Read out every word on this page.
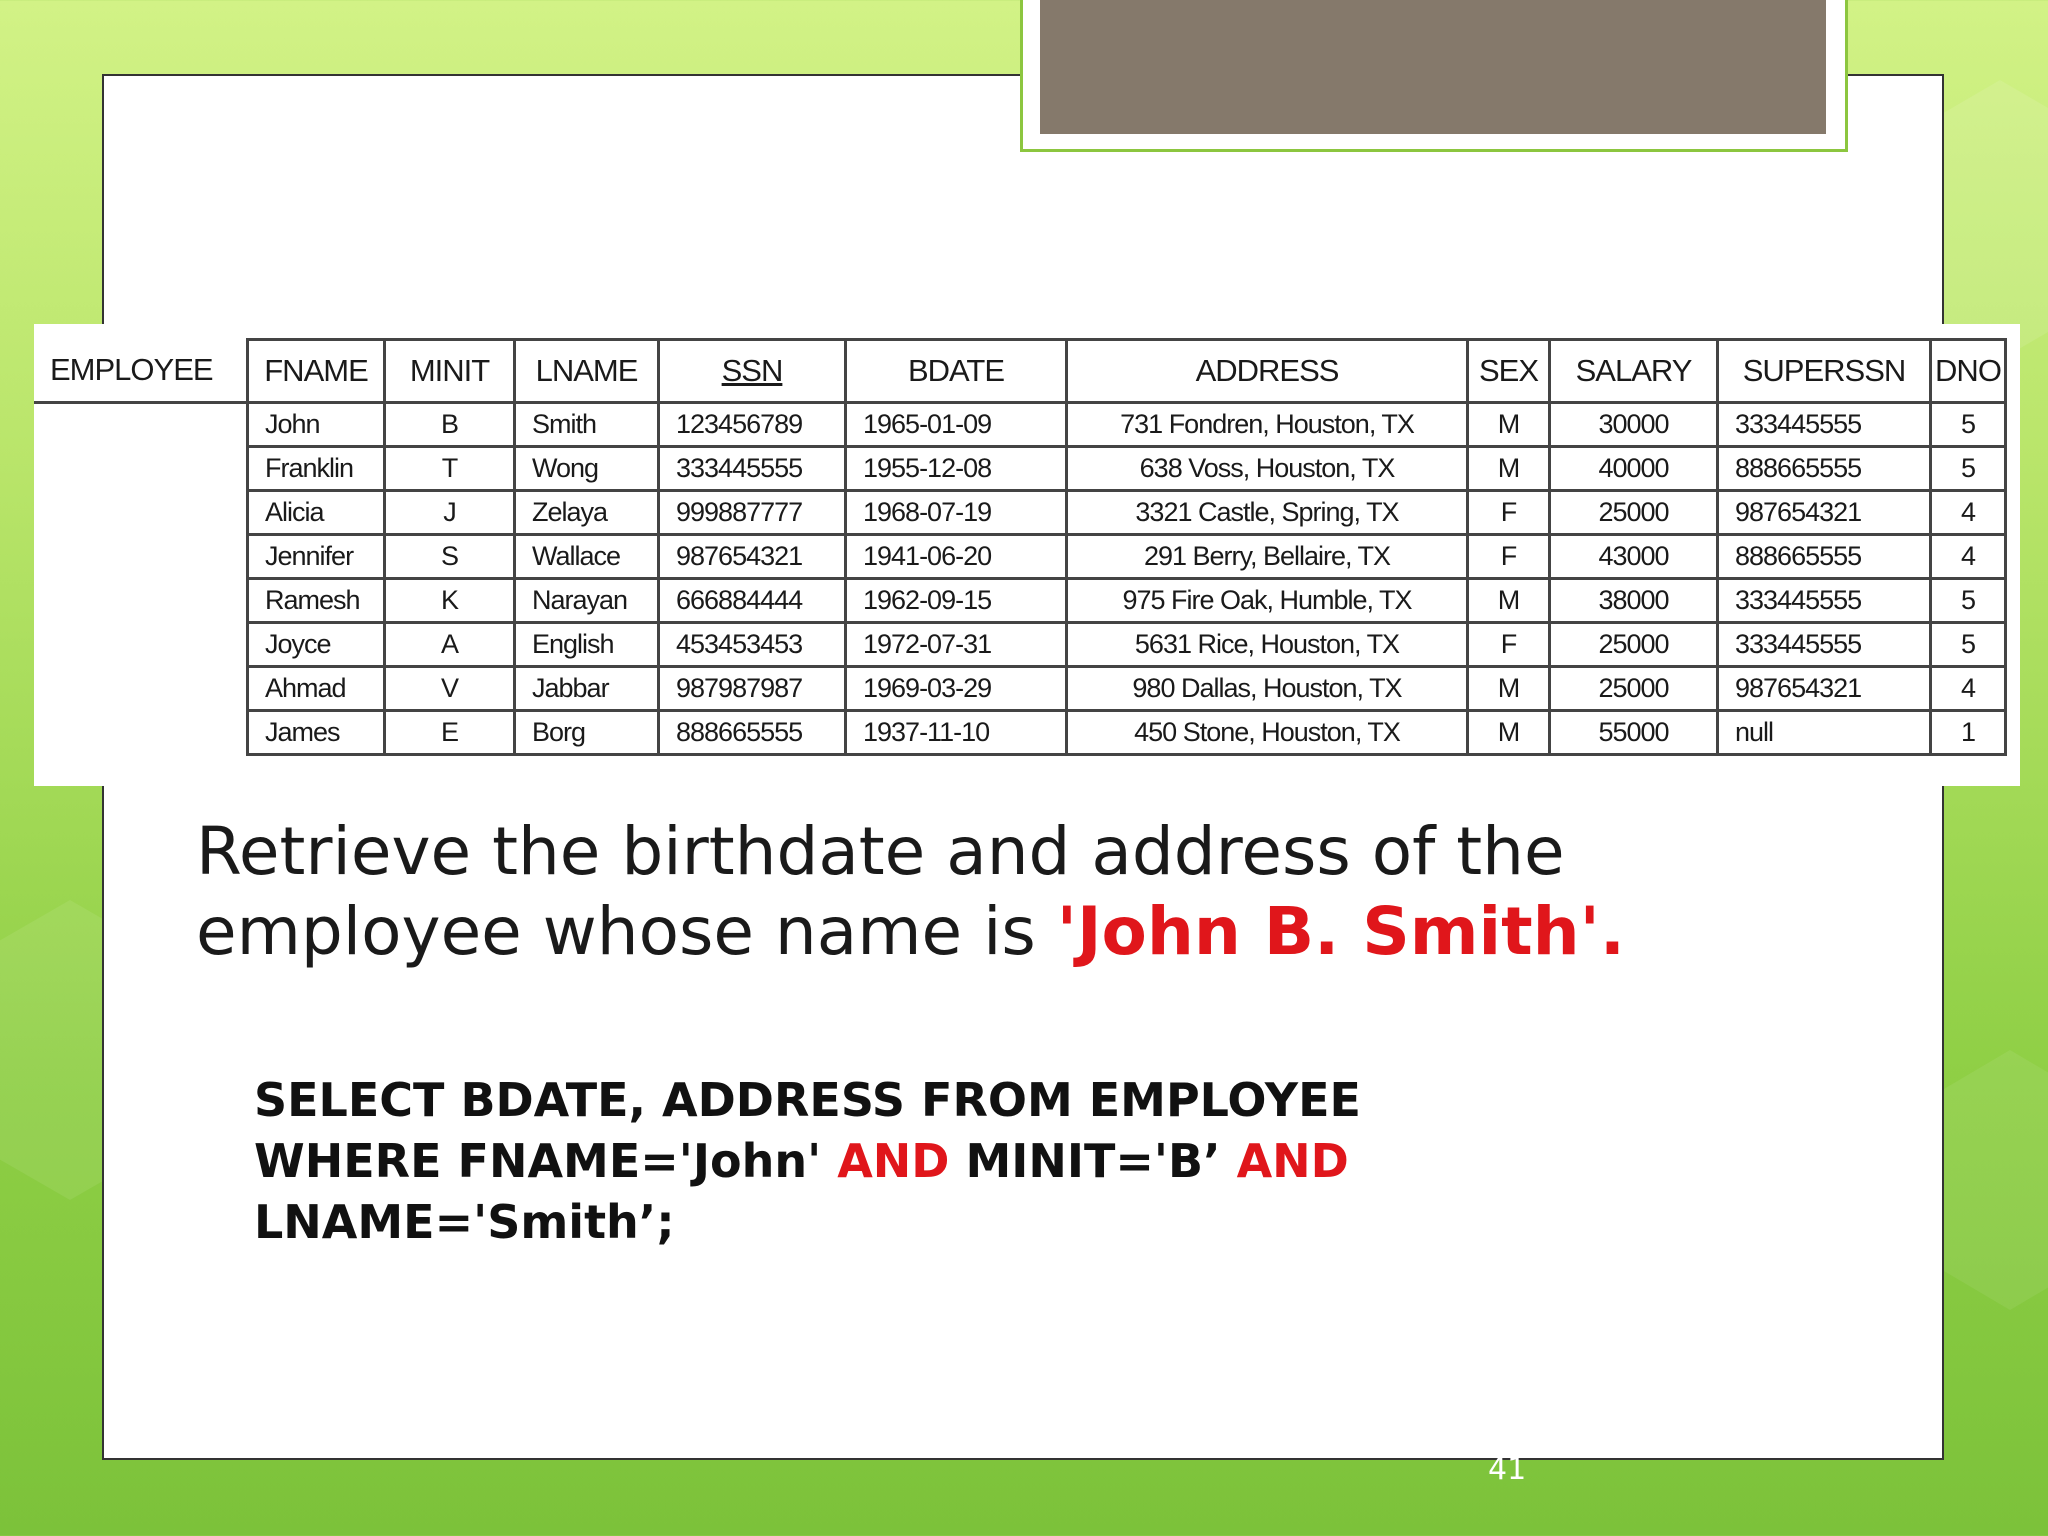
EMPLOYEE	FNAME	MINIT	LNAME	SSN	BDATE	ADDRESS	SEX	SALARY	SUPERSSN	DNO
	John	B	Smith	123456789	1965-01-09	731 Fondren, Houston, TX	M	30000	333445555	5
	Franklin	T	Wong	333445555	1955-12-08	638 Voss, Houston, TX	M	40000	888665555	5
	Alicia	J	Zelaya	999887777	1968-07-19	3321 Castle, Spring, TX	F	25000	987654321	4
	Jennifer	S	Wallace	987654321	1941-06-20	291 Berry, Bellaire, TX	F	43000	888665555	4
	Ramesh	K	Narayan	666884444	1962-09-15	975 Fire Oak, Humble, TX	M	38000	333445555	5
	Joyce	A	English	453453453	1972-07-31	5631 Rice, Houston, TX	F	25000	333445555	5
	Ahmad	V	Jabbar	987987987	1969-03-29	980 Dallas, Houston, TX	M	25000	987654321	4
	James	E	Borg	888665555	1937-11-10	450 Stone, Houston, TX	M	55000	null	1
Retrieve the birthdate and address of the employee whose name is 'John B. Smith'.
SELECT BDATE, ADDRESS FROM EMPLOYEE
WHERE FNAME='John' AND MINIT='B’ AND
LNAME='Smith’;
41
